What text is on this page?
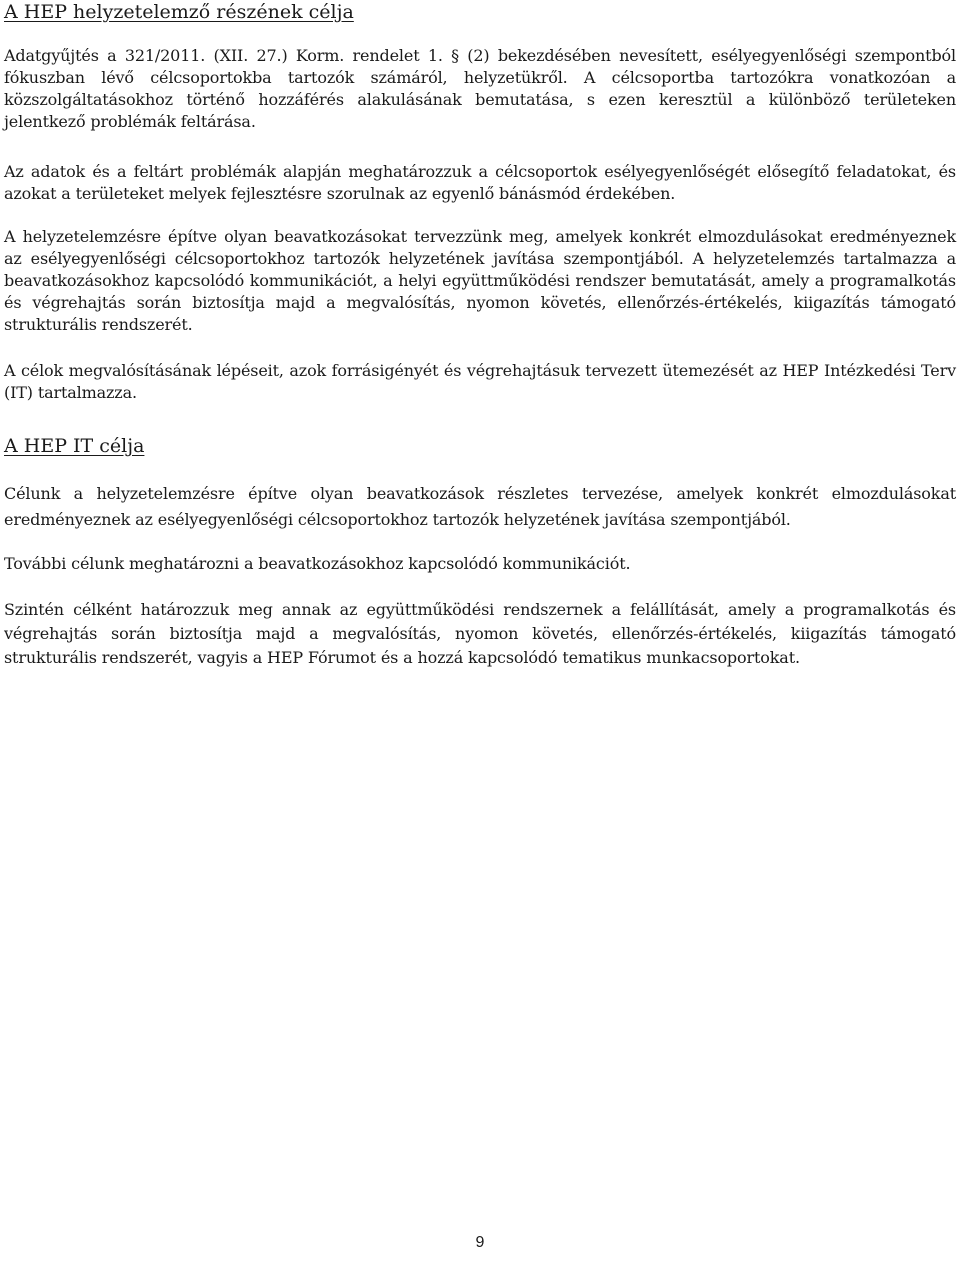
A HEP helyzetelemző részének célja

Adatgyűjtés a 321/2011. (XII. 27.) Korm. rendelet 1. § (2) bekezdésében nevesített, esélyegyenlőségi szempontból fókuszban lévő célcsoportokba tartozók számáról, helyzetükről. A célcsoportba tartozókra vonatkozóan a közszolgáltatásokhoz történő hozzáférés alakulásának bemutatása, s ezen keresztül a különböző területeken jelentkező problémák feltárása.

Az adatok és a feltárt problémák alapján meghatározzuk a célcsoportok esélyegyenlőségét elősegítő feladatokat, és azokat a területeket melyek fejlesztésre szorulnak az egyenlő bánásmód érdekében.

A helyzetelemzésre építve olyan beavatkozásokat tervezzünk meg, amelyek konkrét elmozdulásokat eredményeznek az esélyegyenlőségi célcsoportokhoz tartozók helyzetének javítása szempontjából. A helyzetelemzés tartalmazza a beavatkozásokhoz kapcsolódó kommunikációt, a helyi együttműködési rendszer bemutatását, amely a programalkotás és végrehajtás során biztosítja majd a megvalósítás, nyomon követés, ellenőrzés-értékelés, kiigazítás támogató strukturális rendszerét.

A célok megvalósításának lépéseit, azok forrásigényét és végrehajtásuk tervezett ütemezését az HEP Intézkedési Terv (IT) tartalmazza.

A HEP IT célja

Célunk a helyzetelemzésre építve olyan beavatkozások részletes tervezése, amelyek konkrét elmozdulásokat eredményeznek az esélyegyenlőségi célcsoportokhoz tartozók helyzetének javítása szempontjából.

További célunk meghatározni a beavatkozásokhoz kapcsolódó kommunikációt.

Szintén célként határozzuk meg annak az együttműködési rendszernek a felállítását, amely a programalkotás és végrehajtás során biztosítja majd a megvalósítás, nyomon követés, ellenőrzés-értékelés, kiigazítás támogató strukturális rendszerét, vagyis a HEP Fórumot és a hozzá kapcsolódó tematikus munkacsoportokat.

9
